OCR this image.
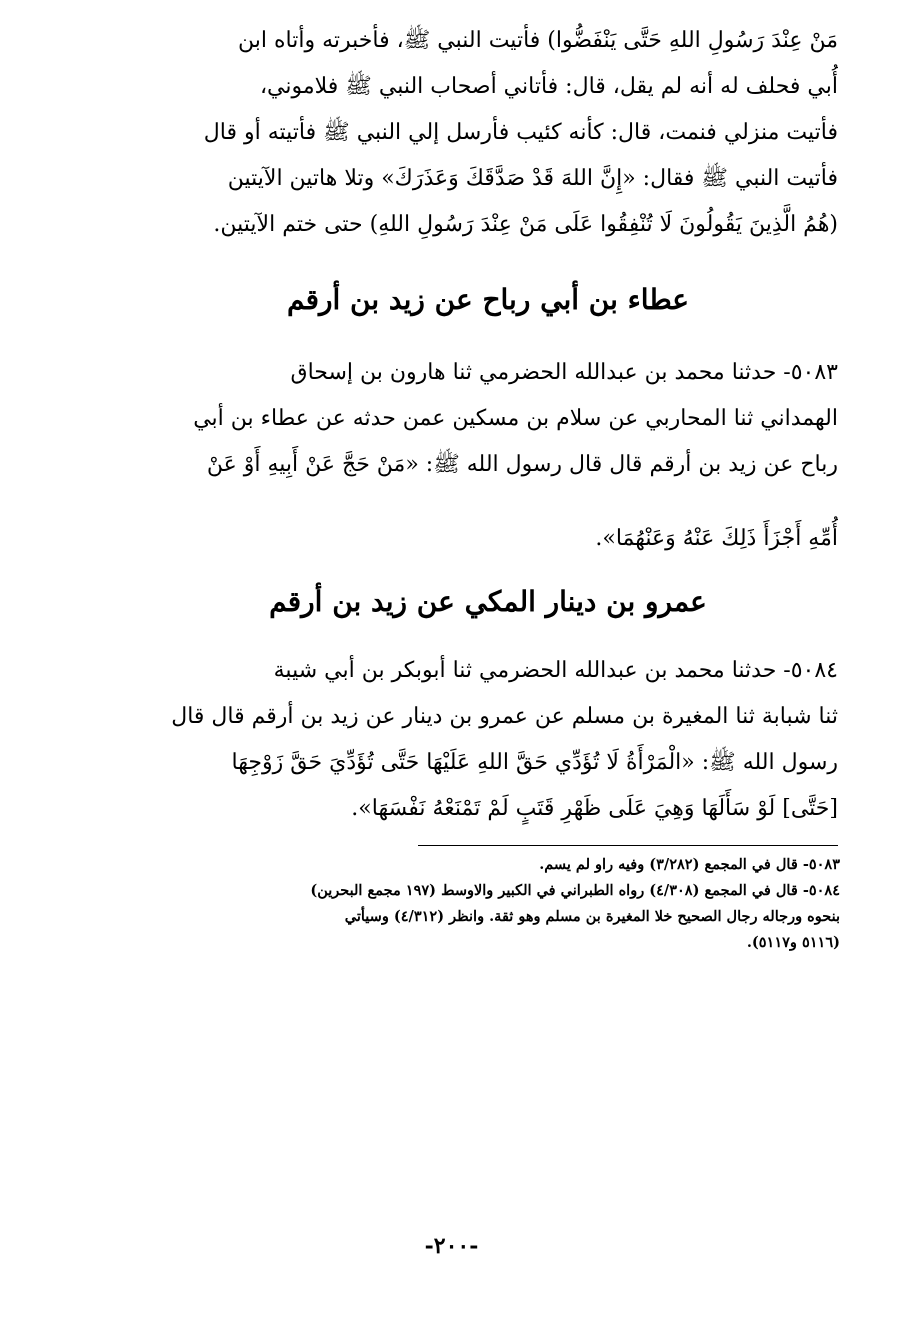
مَنْ عِنْدَ رَسُولِ اللهِ حَتَّى يَنْفَضُّوا) فأتيت النبي ﷺ، فأخبرته وأتاه ابن
أُبي فحلف له أنه لم يقل، قال: فأتاني أصحاب النبي ﷺ فلاموني،
فأتيت منزلي فنمت، قال: كأنه كئيب فأرسل إلي النبي ﷺ فأتيته أو قال
فأتيت النبي ﷺ فقال: «إِنَّ اللهَ قَدْ صَدَّقَكَ وَعَذَرَكَ» وتلا هاتين الآيتين
(هُمُ الَّذِينَ يَقُولُونَ لَا تُنْفِقُوا عَلَى مَنْ عِنْدَ رَسُولِ اللهِ) حتى ختم الآيتين.
عطاء بن أبي رباح عن زيد بن أرقم
٥٠٨٣- حدثنا محمد بن عبدالله الحضرمي ثنا هارون بن إسحاق
الهمداني ثنا المحاربي عن سلام بن مسكين عمن حدثه عن عطاء بن أبي
رباح عن زيد بن أرقم قال قال رسول الله ﷺ: «مَنْ حَجَّ عَنْ أَبِيهِ أَوْ عَنْ
أُمِّهِ أَجْزَأَ ذَلِكَ عَنْهُ وَعَنْهُمَا».
عمرو بن دينار المكي عن زيد بن أرقم
٥٠٨٤- حدثنا محمد بن عبدالله الحضرمي ثنا أبوبكر بن أبي شيبة
ثنا شبابة ثنا المغيرة بن مسلم عن عمرو بن دينار عن زيد بن أرقم قال قال
رسول الله ﷺ: «الْمَرْأَةُ لَا تُؤَدِّي حَقَّ اللهِ عَلَيْهَا حَتَّى تُؤَدِّيَ حَقَّ زَوْجِهَا
[حَتَّى] لَوْ سَأَلَهَا وَهِيَ عَلَى ظَهْرِ قَتَبٍ لَمْ تَمْنَعْهُ نَفْسَهَا».
٥٠٨٣- قال في المجمع (٣/٢٨٢) وفيه راو لم يسم.
٥٠٨٤- قال في المجمع (٤/٣٠٨) رواه الطبراني في الكبير والاوسط (١٩٧ مجمع البحرين)
بنحوه ورجاله رجال الصحيح خلا المغيرة بن مسلم وهو ثقة. وانظر (٤/٣١٢) وسيأتي
(٥١١٦ و٥١١٧).
-٢٠٠-
